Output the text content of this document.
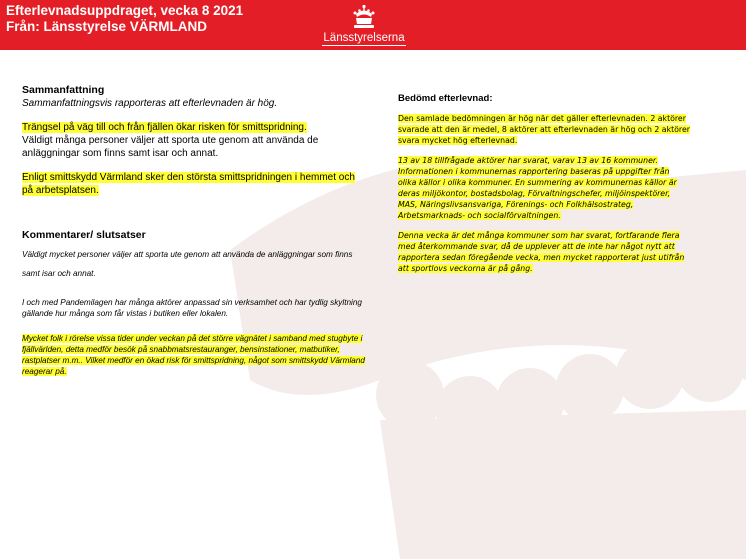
Efterlevnadsuppdraget, vecka 8 2021
Från: Länsstyrelse VÄRMLAND
Länsstyrelserna
Sammanfattning
Sammanfattningsvis rapporteras att efterlevnaden är hög.

Trängsel på väg till och från fjällen ökar risken för smittspridning.
Väldigt många personer väljer att sporta ute genom att använda de anläggningar som finns samt isar och annat.

Enligt smittskydd Värmland sker den största smittspridningen i hemmet och på arbetsplatsen.

Kommentarer/ slutsatser

Väldigt mycket personer väljer att sporta ute genom att använda de anläggningar som finns samt isar och annat.

I och med Pandemilagen har många aktörer anpassad sin verksamhet och har tydlig skyltning gällande hur många som får vistas i butiken eller lokalen.

Mycket folk i rörelse vissa tider under veckan på det större vägnätet i samband med stugbyte i fjällvärlden, detta medför besök på snabbmatsrestauranger, bensinstationer, matbutiker, rastplatser m.m.. Vilket medför en ökad risk för smittspridning, något som smittskydd Värmland reagerar på.

Bedömd efterlevnad:

Den samlade bedömningen är hög när det gäller efterlevnaden. 2 aktörer svarade att den är medel, 8 aktörer att efterlevnaden är hög och 2 aktörer svara mycket hög efterlevnad.

13 av 18 tillfrågade aktörer har svarat, varav 13 av 16 kommuner. Informationen i kommunernas rapportering baseras på uppgifter från olika källor i olika kommuner. En summering av kommunernas källor är deras miljökontor, bostadsbolag, Förvaltningschefer, miljöinspektörer, MAS, Näringslivsansvariga, Förenings- och Folkhälsostrateg, Arbetsmarknads- och socialförvaltningen.

Denna vecka är det många kommuner som har svarat, fortfarande flera med återkommande svar, då de upplever att de inte har något nytt att rapportera sedan föregående vecka, men mycket rapporterat just utifrån att sportlovs veckorna är på gång.
